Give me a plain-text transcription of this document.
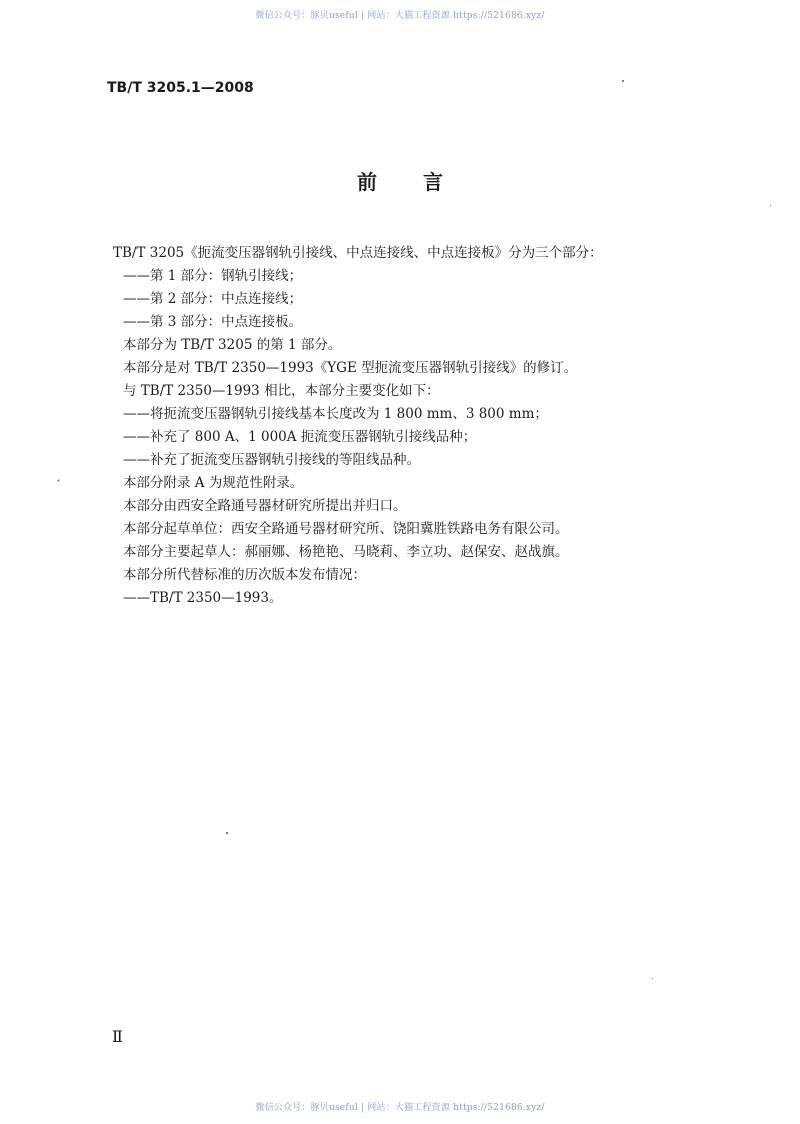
微信公众号：豚贝useful | 网站：大猫工程资源 https://521686.xyz/
TB/T 3205.1—2008
前 言
TB/T 3205《扼流变压器钢轨引接线、中点连接线、中点连接板》分为三个部分：
——第 1 部分：钢轨引接线；
——第 2 部分：中点连接线；
——第 3 部分：中点连接板。
本部分为 TB/T 3205 的第 1 部分。
本部分是对 TB/T 2350—1993《YGE 型扼流变压器钢轨引接线》的修订。
与 TB/T 2350—1993 相比，本部分主要变化如下：
——将扼流变压器钢轨引接线基本长度改为 1 800 mm、3 800 mm；
——补充了 800 A、1 000A 扼流变压器钢轨引接线品种；
——补充了扼流变压器钢轨引接线的等阻线品种。
本部分附录 A 为规范性附录。
本部分由西安全路通号器材研究所提出并归口。
本部分起草单位：西安全路通号器材研究所、饶阳冀胜铁路电务有限公司。
本部分主要起草人：郝丽娜、杨艳艳、马晓莉、李立功、赵保安、赵战旗。
本部分所代替标准的历次版本发布情况：
——TB/T 2350—1993。
Ⅱ
微信公众号：豚贝useful | 网站：大猫工程资源 https://521686.xyz/
